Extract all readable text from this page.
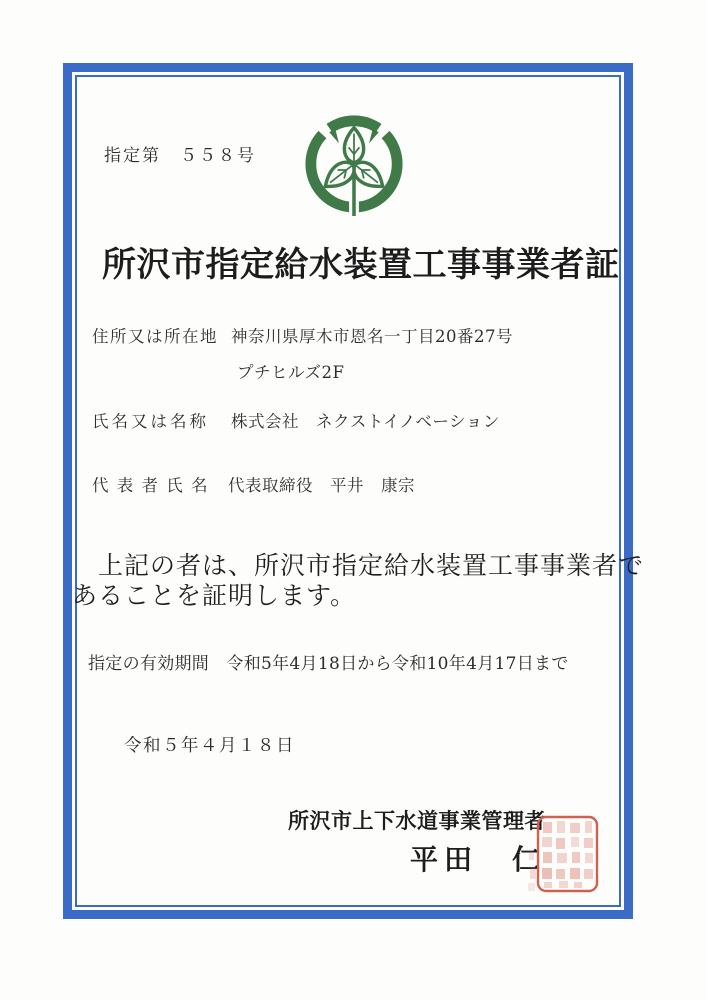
指定第　５５８号
所沢市指定給水装置工事事業者証
住所又は所在地 神奈川県厚木市恩名一丁目20番27号
プチヒルズ2F
氏名又は名称 株式会社　ネクストイノベーション
代 表 者 氏 名 代表取締役　平井　康宗
　上記の者は、所沢市指定給水装置工事事業者で
あることを証明します。
指定の有効期間　令和5年4月18日から令和10年4月17日まで
令和５年４月１８日
所沢市上下水道事業管理者
平田　仁
